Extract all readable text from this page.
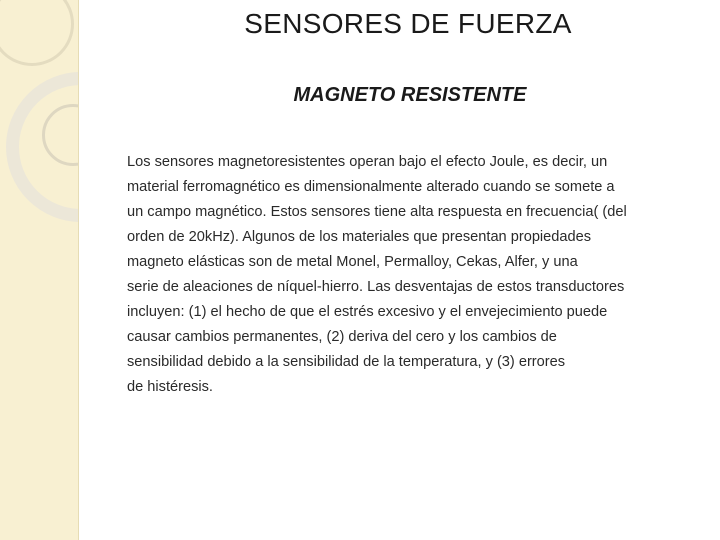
SENSORES DE FUERZA
MAGNETO RESISTENTE
Los sensores magnetoresistentes operan bajo el efecto Joule, es decir, un
material ferromagnético es dimensionalmente alterado cuando se somete a
un campo magnético. Estos sensores tiene alta respuesta en frecuencia( (del
orden de 20kHz). Algunos de los materiales que presentan propiedades
magneto elásticas son de metal Monel, Permalloy, Cekas, Alfer, y una
serie de aleaciones de níquel-hierro. Las desventajas de estos transductores
incluyen: (1) el hecho de que el estrés excesivo y el envejecimiento puede
causar cambios permanentes, (2) deriva del cero y los cambios de
sensibilidad debido a la sensibilidad de la temperatura, y (3) errores
de histéresis.
